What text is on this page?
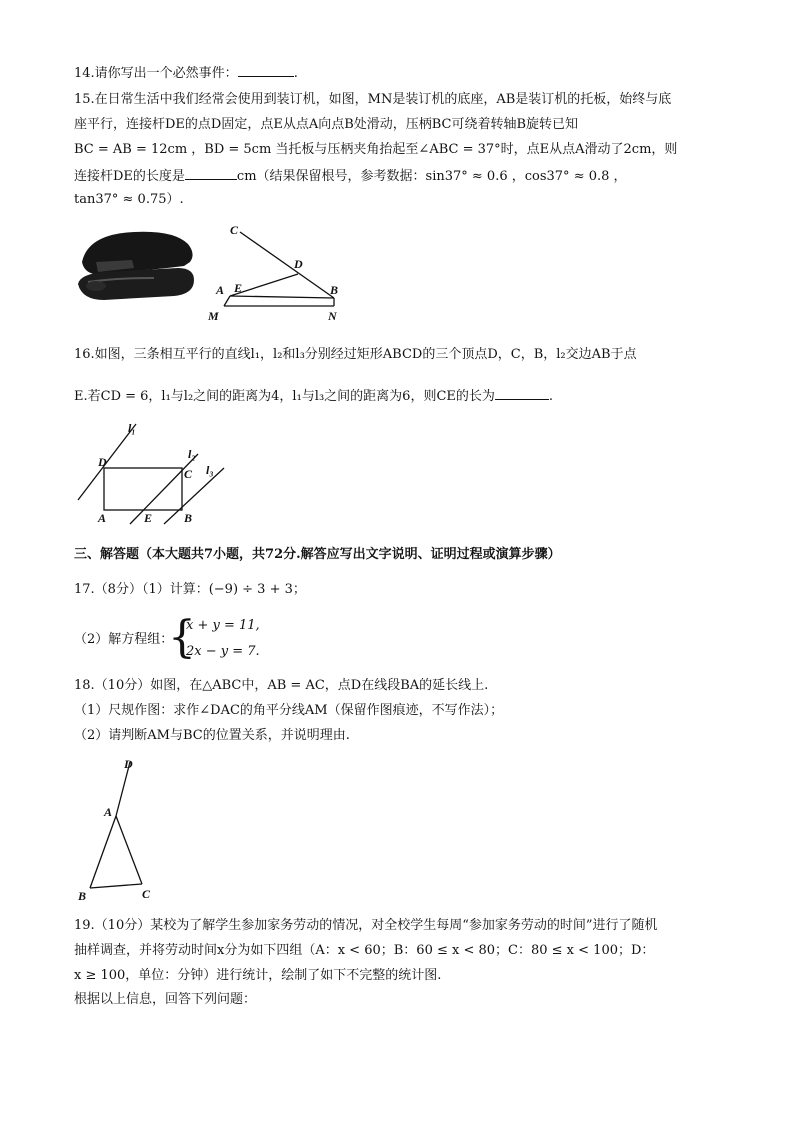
14.请你写出一个必然事件：	.
15.在日常生活中我们经常会使用到装订机，如图，MN是装订机的底座，AB是装订机的托板，始终与底
座平行，连接杆DE的点D固定，点E从点A向点B处滑动，压柄BC可绕着转轴B旋转已知
BC = AB = 12cm ，BD = 5cm 当托板与压柄夹角抬起至∠ABC = 37°时，点E从点A滑动了2cm，则
连接杆DE的长度是	cm（结果保留根号，参考数据：sin37° ≈ 0.6 ，cos37° ≈ 0.8 ，
tan37° ≈ 0.75）.
C
D
A E	B
M	N
16.如图，三条相互平行的直线l₁，l₂和l₃分别经过矩形ABCD的三个顶点D，C，B，l₂交边AB于点
E.若CD = 6，l₁与l₂之间的距离为4，l₁与l₃之间的距离为6，则CE的长为	.
l₁
l₂
l₃
D
C
A	E	B
三、解答题（本大题共7小题，共72分.解答应写出文字说明、证明过程或演算步骤）
17.（8分）（1）计算：(−9) ÷ 3 + 3；
（2）解方程组：
{
x + y = 11,
2x − y = 7.
18.（10分）如图，在△ABC中，AB = AC，点D在线段BA的延长线上.
（1）尺规作图：求作∠DAC的角平分线AM（保留作图痕迹，不写作法）；
（2）请判断AM与BC的位置关系，并说明理由.
D
A
B	C
19.（10分）某校为了解学生参加家务劳动的情况，对全校学生每周“参加家务劳动的时间”进行了随机
抽样调查，并将劳动时间x分为如下四组（A：x < 60；B：60 ≤ x < 80；C：80 ≤ x < 100；D：
x ≥ 100，单位：分钟）进行统计，绘制了如下不完整的统计图.
根据以上信息，回答下列问题：
